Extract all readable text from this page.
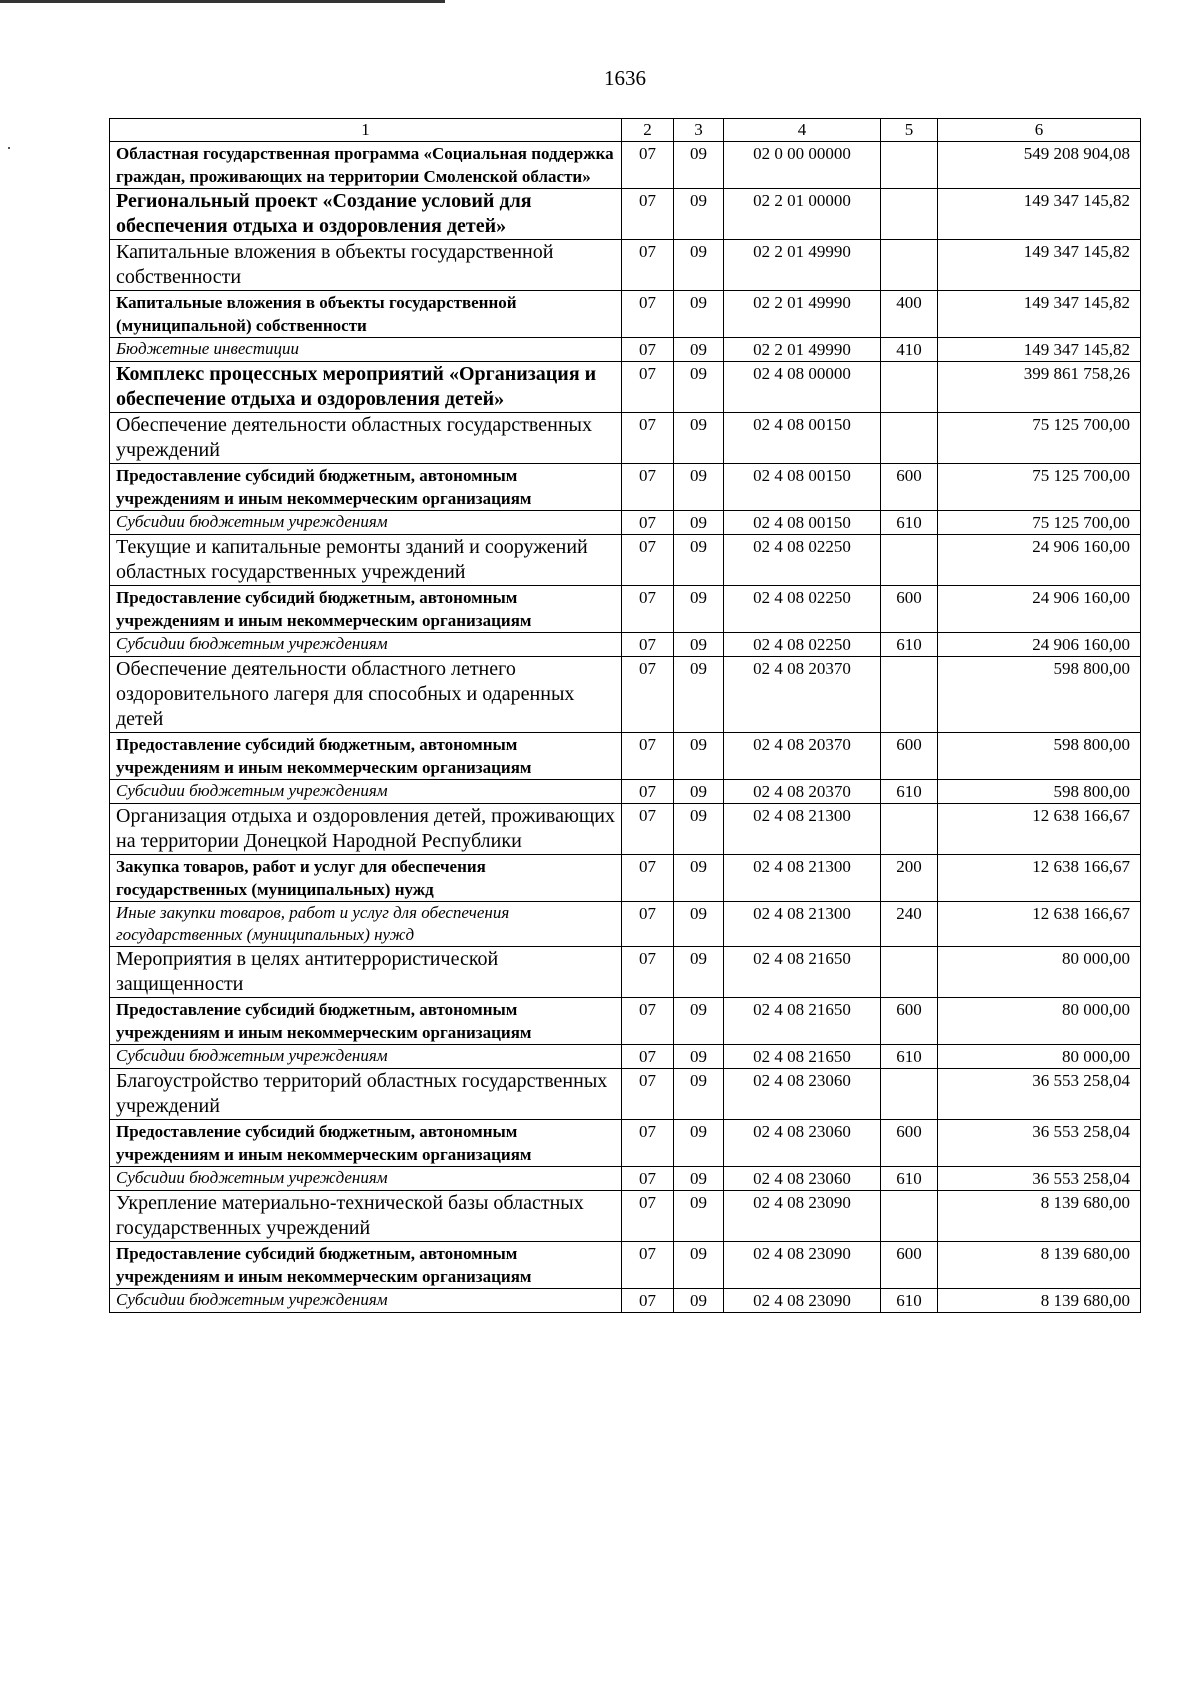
1636
1	2	3	4	5	6
Областная государственная программа «Социальная поддержка граждан, проживающих на территории Смоленской области»	07	09	02 0 00 00000		549 208 904,08
Региональный проект «Создание условий для обеспечения отдыха и оздоровления детей»	07	09	02 2 01 00000		149 347 145,82
Капитальные вложения в объекты государственной собственности	07	09	02 2 01 49990		149 347 145,82
Капитальные вложения в объекты государственной (муниципальной) собственности	07	09	02 2 01 49990	400	149 347 145,82
Бюджетные инвестиции	07	09	02 2 01 49990	410	149 347 145,82
Комплекс процессных мероприятий «Организация и обеспечение отдыха и оздоровления детей»	07	09	02 4 08 00000		399 861 758,26
Обеспечение деятельности областных государственных учреждений	07	09	02 4 08 00150		75 125 700,00
Предоставление субсидий бюджетным, автономным учреждениям и иным некоммерческим организациям	07	09	02 4 08 00150	600	75 125 700,00
Субсидии бюджетным учреждениям	07	09	02 4 08 00150	610	75 125 700,00
Текущие и капитальные ремонты зданий и сооружений областных государственных учреждений	07	09	02 4 08 02250		24 906 160,00
Предоставление субсидий бюджетным, автономным учреждениям и иным некоммерческим организациям	07	09	02 4 08 02250	600	24 906 160,00
Субсидии бюджетным учреждениям	07	09	02 4 08 02250	610	24 906 160,00
Обеспечение деятельности областного летнего оздоровительного лагеря для способных и одаренных детей	07	09	02 4 08 20370		598 800,00
Предоставление субсидий бюджетным, автономным учреждениям и иным некоммерческим организациям	07	09	02 4 08 20370	600	598 800,00
Субсидии бюджетным учреждениям	07	09	02 4 08 20370	610	598 800,00
Организация отдыха и оздоровления детей, проживающих на территории Донецкой Народной Республики	07	09	02 4 08 21300		12 638 166,67
Закупка товаров, работ и услуг для обеспечения государственных (муниципальных) нужд	07	09	02 4 08 21300	200	12 638 166,67
Иные закупки товаров, работ и услуг для обеспечения государственных (муниципальных) нужд	07	09	02 4 08 21300	240	12 638 166,67
Мероприятия в целях антитеррористической защищенности	07	09	02 4 08 21650		80 000,00
Предоставление субсидий бюджетным, автономным учреждениям и иным некоммерческим организациям	07	09	02 4 08 21650	600	80 000,00
Субсидии бюджетным учреждениям	07	09	02 4 08 21650	610	80 000,00
Благоустройство территорий областных государственных учреждений	07	09	02 4 08 23060		36 553 258,04
Предоставление субсидий бюджетным, автономным учреждениям и иным некоммерческим организациям	07	09	02 4 08 23060	600	36 553 258,04
Субсидии бюджетным учреждениям	07	09	02 4 08 23060	610	36 553 258,04
Укрепление материально-технической базы областных государственных учреждений	07	09	02 4 08 23090		8 139 680,00
Предоставление субсидий бюджетным, автономным учреждениям и иным некоммерческим организациям	07	09	02 4 08 23090	600	8 139 680,00
Субсидии бюджетным учреждениям	07	09	02 4 08 23090	610	8 139 680,00
